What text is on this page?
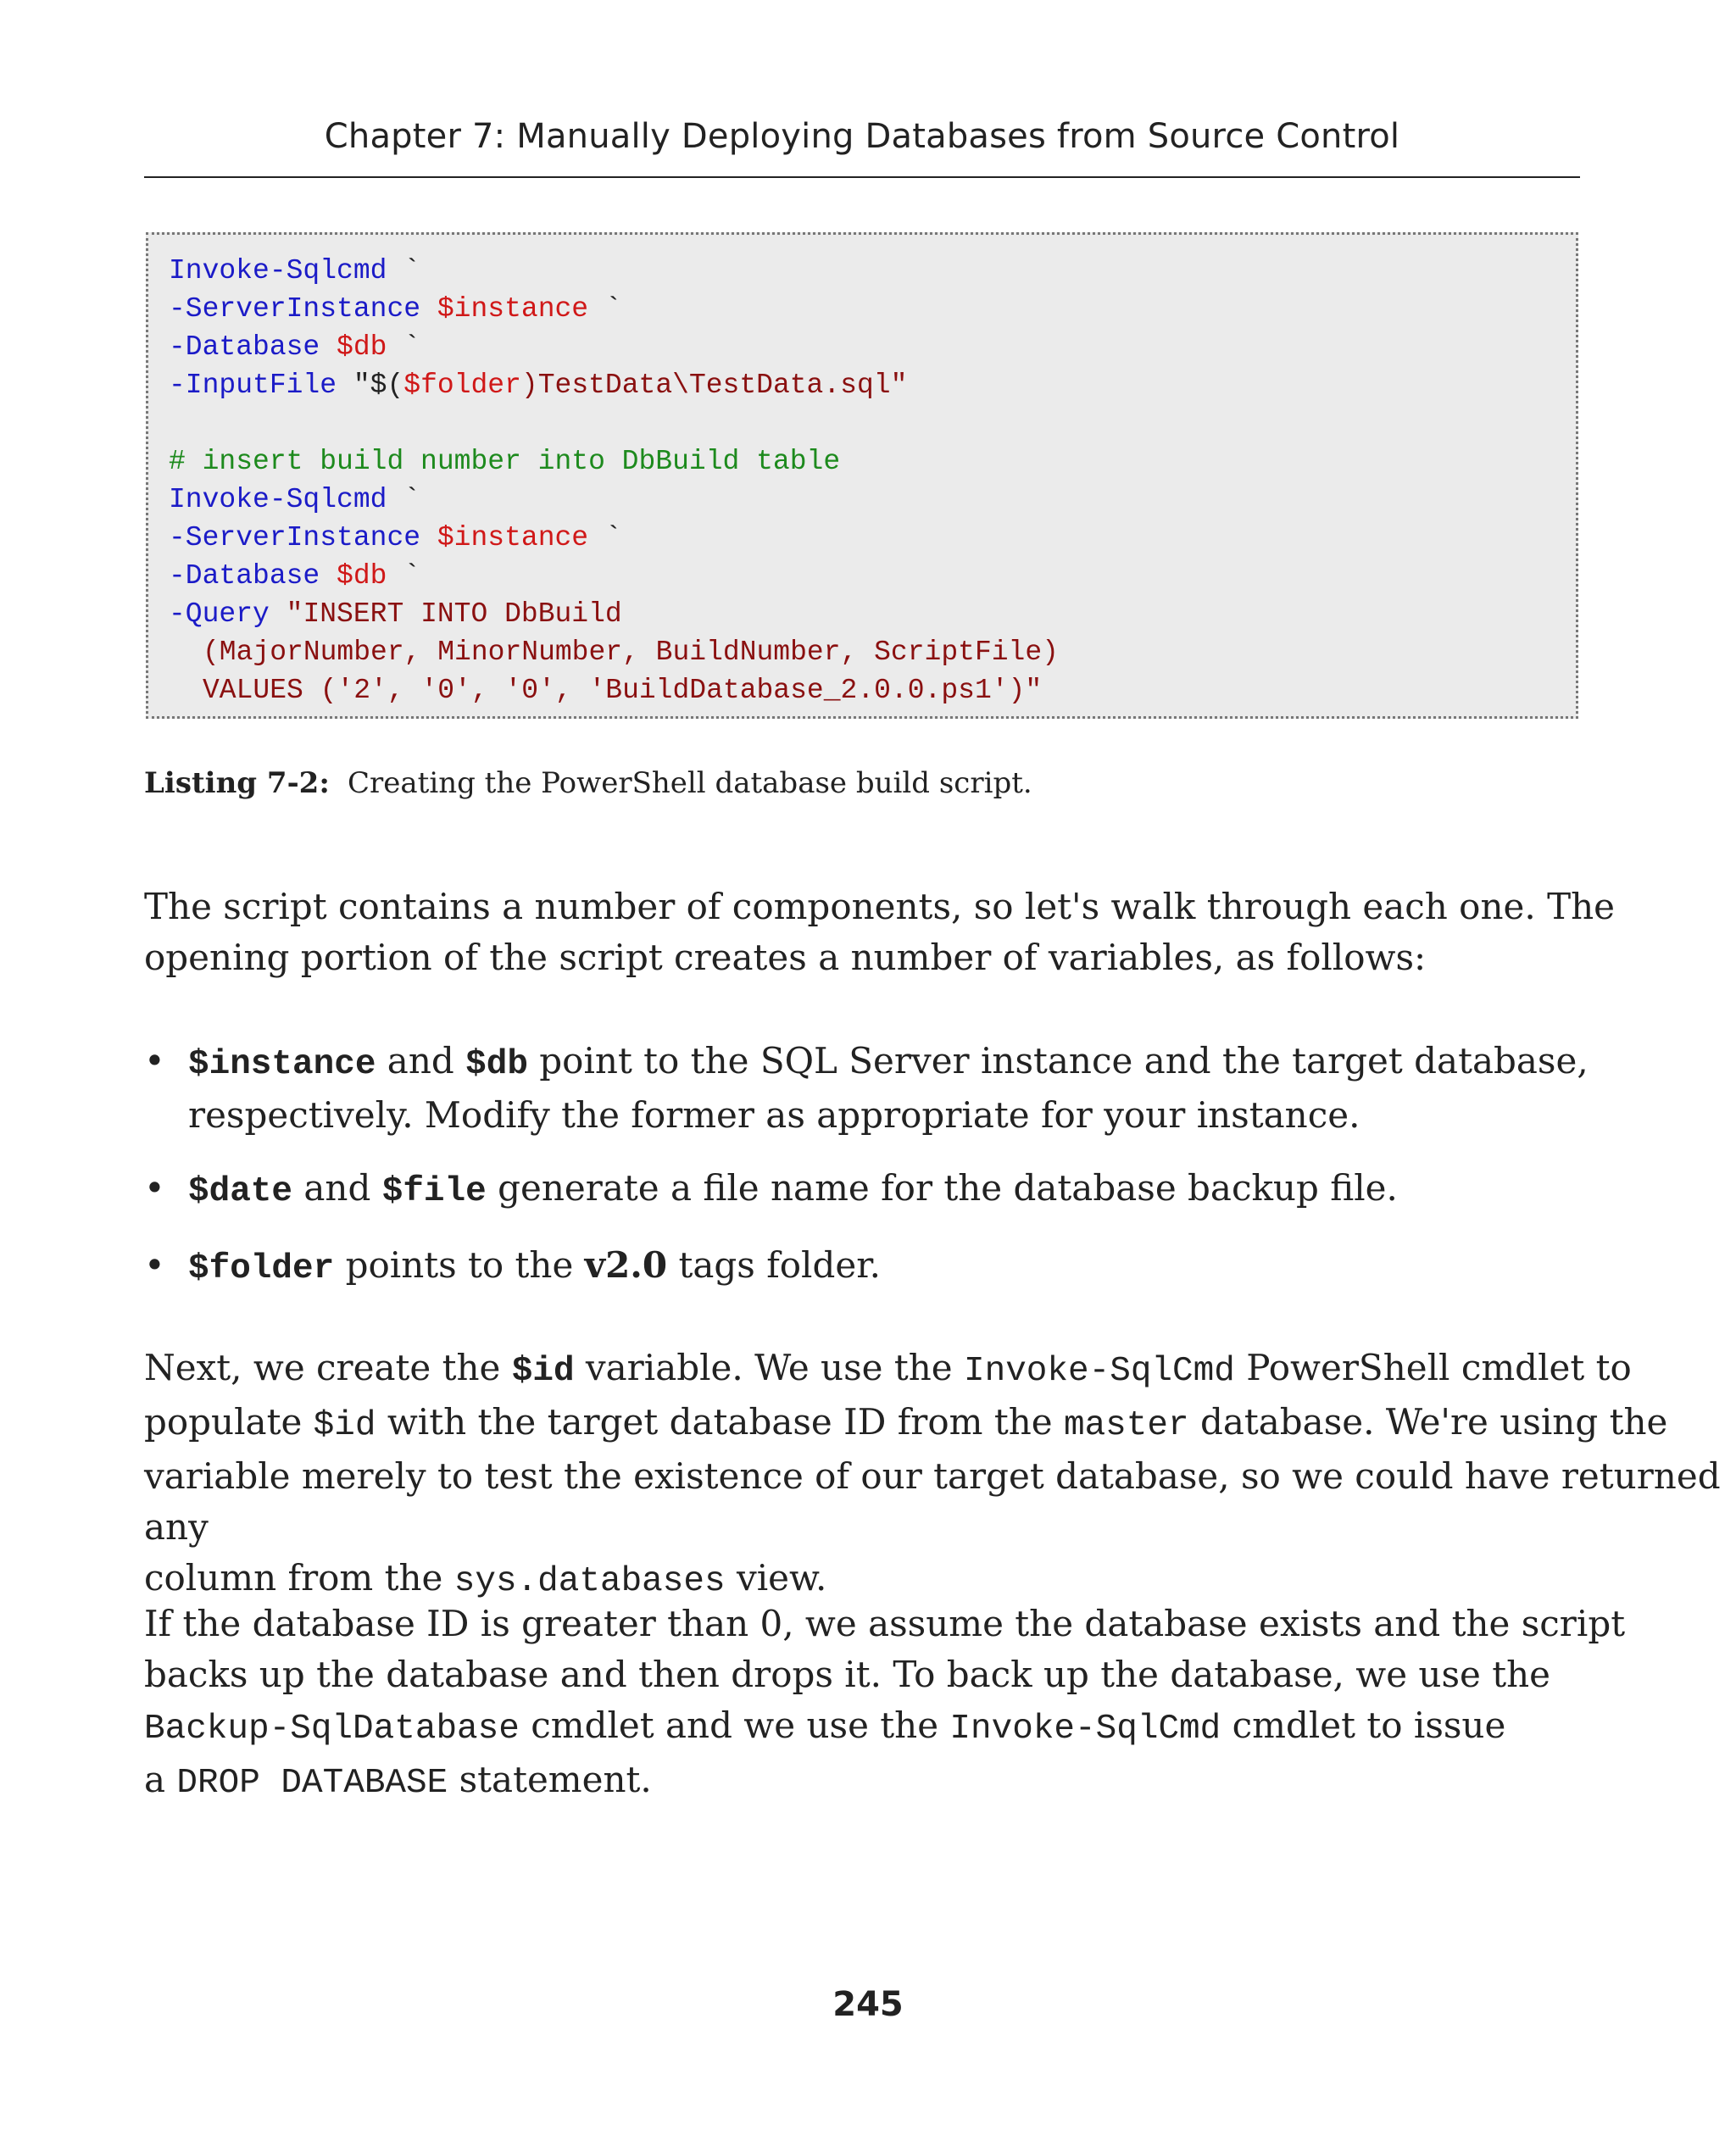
Chapter 7: Manually Deploying Databases from Source Control
Invoke-Sqlcmd `
-ServerInstance $instance `
-Database $db `
-InputFile "$($folder)TestData\TestData.sql"
# insert build number into DbBuild table
Invoke-Sqlcmd `
-ServerInstance $instance `
-Database $db `
-Query "INSERT INTO DbBuild
(MajorNumber, MinorNumber, BuildNumber, ScriptFile)
VALUES ('2', '0', '0', 'BuildDatabase_2.0.0.ps1')"
Listing 7-2: Creating the PowerShell database build script.
The script contains a number of components, so let's walk through each one. The
opening portion of the script creates a number of variables, as follows:
• $instance and $db point to the SQL Server instance and the target database,
respectively. Modify the former as appropriate for your instance.
• $date and $file generate a file name for the database backup file.
• $folder points to the v2.0 tags folder.
Next, we create the $id variable. We use the Invoke-SqlCmd PowerShell cmdlet to
populate $id with the target database ID from the master database. We're using the
variable merely to test the existence of our target database, so we could have returned any
column from the sys.databases view.
If the database ID is greater than 0, we assume the database exists and the script
backs up the database and then drops it. To back up the database, we use the
Backup-SqlDatabase cmdlet and we use the Invoke-SqlCmd cmdlet to issue
a DROP DATABASE statement.
245
